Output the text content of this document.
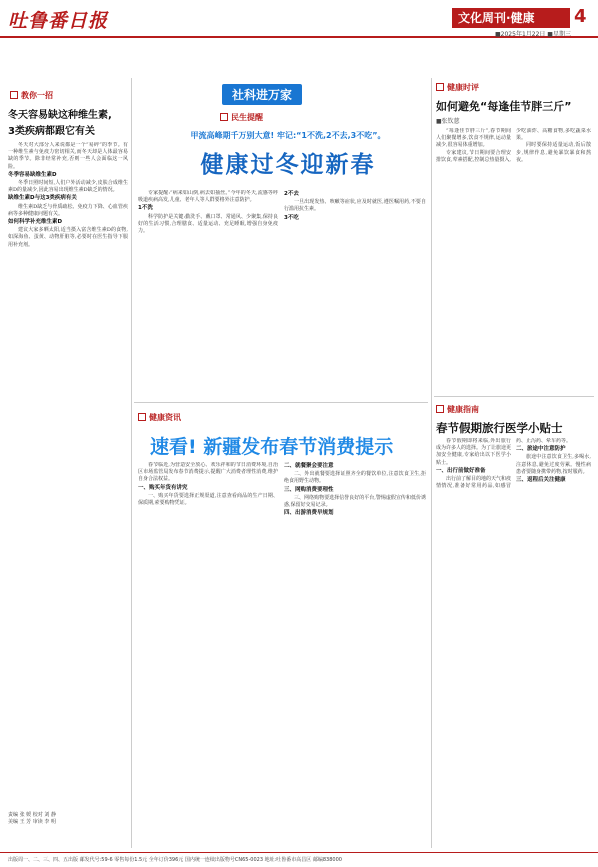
吐鲁番日报	文化周刊·健康	4
■2025年1月22日 ■星期三
教你一招
冬天容易缺这种维生素,
3类疾病都跟它有关

冬天对大部分人来说都是一个“易碎”的季节。有一种维生素与免疫力密切相关,而冬天却是人体最容易缺的季节。除非经常补充,否则一些人会面临这一风险。

冬季容易缺维生素D

冬季日照时间短,人们户外活动减少,皮肤合成维生素D的量减少,因此容易出现维生素D缺乏的情况。

缺维生素D与这3类疾病有关

维生素D缺乏与骨质疏松、免疫力下降、心血管疾病等多种健康问题有关。

如何科学补充维生素D

建议大家多晒太阳,适当摄入富含维生素D的食物,如深海鱼、蛋黄、动物肝脏等,必要时在医生指导下服用补充剂。

责编 张 媛 校对 刘 静
美编 王 芳 审读 李 明
社科进万家
民生提醒
甲流高峰期千万别大意! 牢记:“1不洗,2不去,3不吃”。
健康过冬迎新春

专家提醒:“病来如山倒,病去如抽丝。”今年的冬天,流感等呼吸道疾病高发,儿童、老年人等人群要格外注意防护。

1不洗

科学防护是关键:勤洗手、戴口罩、常通风、少聚集,保持良好的生活习惯,合理膳食、适量运动、充足睡眠,增强自身免疫力。

2不去

一旦出现发热、咳嗽等症状,应及时就医,遵医嘱用药,不要自行滥用抗生素。

3不吃

健康资讯
速看! 新疆发布春节消费提示

春节临近,为营造安全放心、欢乐祥和的节日消费环境,自治区市场监管局发布春节消费提示,提醒广大消费者理性消费,维护自身合法权益。

一、购买年货有讲究

一、购买年货要选择正规渠道,注意查看商品的生产日期、保质期,索要购物凭证。

二、就餐聚会要注意

二、外出就餐要选择证照齐全的餐饮单位,注意饮食卫生,拒绝食用野生动物。

三、网购消费要理性

三、网络购物要选择信誉良好的平台,警惕虚假宣传和低价诱惑,保留好交易记录。

四、出游消费早规划

健康时评
如何避免“每逢佳节胖三斤”
■张钦慈

“每逢佳节胖三斤”,春节期间人们聚餐增多,饮食不规律,运动量减少,很容易体重增加。

专家建议,节日期间要合理安排饮食,荤素搭配,控制总热量摄入,少吃油炸、高糖食物,多吃蔬菜水果。

同时要保持适量运动,饭后散步,规律作息,避免暴饮暴食和熬夜。

健康指南
春节假期旅行医学小贴士

春节假期即将来临,外出旅行成为许多人的选择。为了让旅途更加安全健康,专家给出以下医学小贴士。

一、出行前做好准备

出行前了解目的地的天气和疫情情况,准备好常用药品,如感冒药、止泻药、晕车药等。

二、旅途中注意防护

旅途中注意饮食卫生,多喝水,注意休息,避免过度劳累。慢性病患者要随身携带药物,按时服药。

三、返程后关注健康

出版周一、二、三、四、五出版 邮发代号:59-6 零售每份1.5元 全年订价396元 国内统一连续出版物号CN65-0023 地址:吐鲁番市高昌区 邮编838000
